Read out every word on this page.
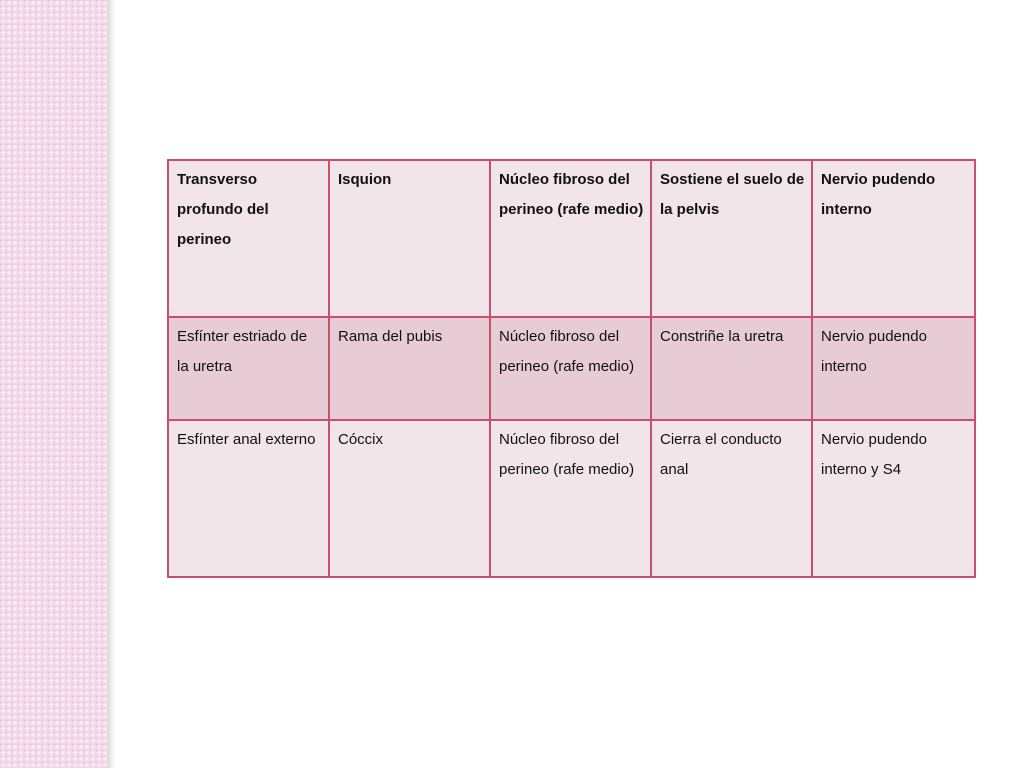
Transverso profundo del perineo	Isquion	Núcleo fibroso del perineo (rafe medio)	Sostiene el suelo de la pelvis	Nervio pudendo interno
Esfínter estriado de la uretra	Rama del pubis	Núcleo fibroso del perineo (rafe medio)	Constriñe la uretra	Nervio pudendo interno
Esfínter anal externo	Cóccix	Núcleo fibroso del perineo (rafe medio)	Cierra el conducto anal	Nervio pudendo interno y S4
